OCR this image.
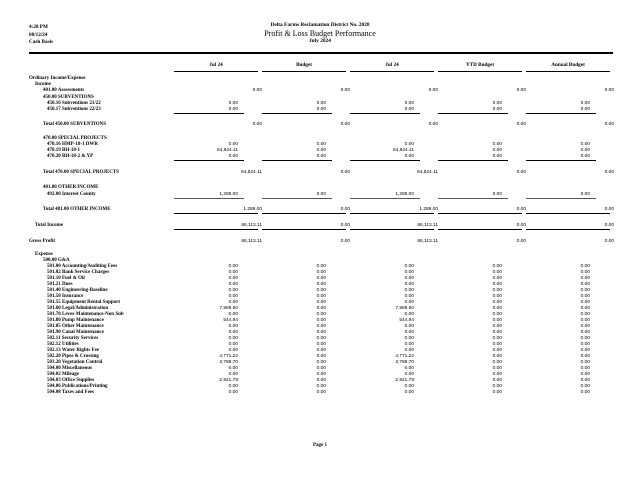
4:28 PM
08/12/24
Cash Basis
Delta Farms Reclamation District No. 2028
Profit & Loss Budget Performance
July 2024
Jul 24	Budget	Jul 24	YTD Budget	Annual Budget
Ordinary Income/Expense
Income
401.00 Assessments	0.00	0.00	0.00	0.00	0.00
450.00 SUBVENTIONS
450.16 Subventions 21/22	0.00	0.00	0.00	0.00	0.00
450.17 Subventions 22/23	0.00	0.00	0.00	0.00	0.00
Total 450.00 SUBVENTIONS	0.00	0.00	0.00	0.00	0.00
470.00 SPECIAL PROJECTS
470.16 HMP-18-1 DWR	0.00	0.00	0.00	0.00	0.00
470.19 BH-18-1	64,824.11	0.00	64,824.11	0.00	0.00
470.20 BH-18-2 & YP	0.00	0.00	0.00	0.00	0.00
Total 470.00 SPECIAL PROJECTS	64,824.11	0.00	64,824.11	0.00	0.00
481.00 OTHER INCOME
492.00 Interest County	1,289.00	0.00	1,289.00	0.00	0.00
Total 481.00 OTHER INCOME	1,289.00	0.00	1,289.00	0.00	0.00
Total Income	66,113.11	0.00	66,113.11	0.00	0.00
Gross Profit	66,113.11	0.00	66,113.11	0.00	0.00
Expense
500.00 G&A
501.00 Accounting/Auditing Fees	0.00	0.00	0.00	0.00	0.00
501.02 Bank Service Charges	0.00	0.00	0.00	0.00	0.00
501.10 Fuel & Oil	0.00	0.00	0.00	0.00	0.00
501.21 Dues	0.00	0.00	0.00	0.00	0.00
501.40 Engineering-Baseline	0.00	0.00	0.00	0.00	0.00
501.50 Insurance	0.00	0.00	0.00	0.00	0.00
501.55 Equipment Rental Support	0.00	0.00	0.00	0.00	0.00
501.60 Legal/Administration	7,988.50	0.00	7,988.50	0.00	0.00
501.70 Levee Maintenance-Non Sub	0.00	0.00	0.00	0.00	0.00
501.80 Pump Maintenance	544.94	0.00	544.94	0.00	0.00
501.85 Other Maintenance	0.00	0.00	0.00	0.00	0.00
501.90 Canal Maintenance	0.00	0.00	0.00	0.00	0.00
502.11 Security Services	0.00	0.00	0.00	0.00	0.00
502.12 Utilities	0.00	0.00	0.00	0.00	0.00
502.13 Water Rights Fee	0.00	0.00	0.00	0.00	0.00
502.20 Pipes & Crossing	4,771.22	0.00	4,771.22	0.00	0.00
503.20 Vegetation Control	3,788.70	0.00	3,788.70	0.00	0.00
504.00 Miscellaneous	0.00	0.00	0.00	0.00	0.00
504.02 Mileage	0.00	0.00	0.00	0.00	0.00
504.03 Office Supplies	2,921.78	0.00	2,921.78	0.00	0.00
504.06 Publications/Printing	0.00	0.00	0.00	0.00	0.00
504.08 Taxes and Fees	0.00	0.00	0.00	0.00	0.00
Page 1
